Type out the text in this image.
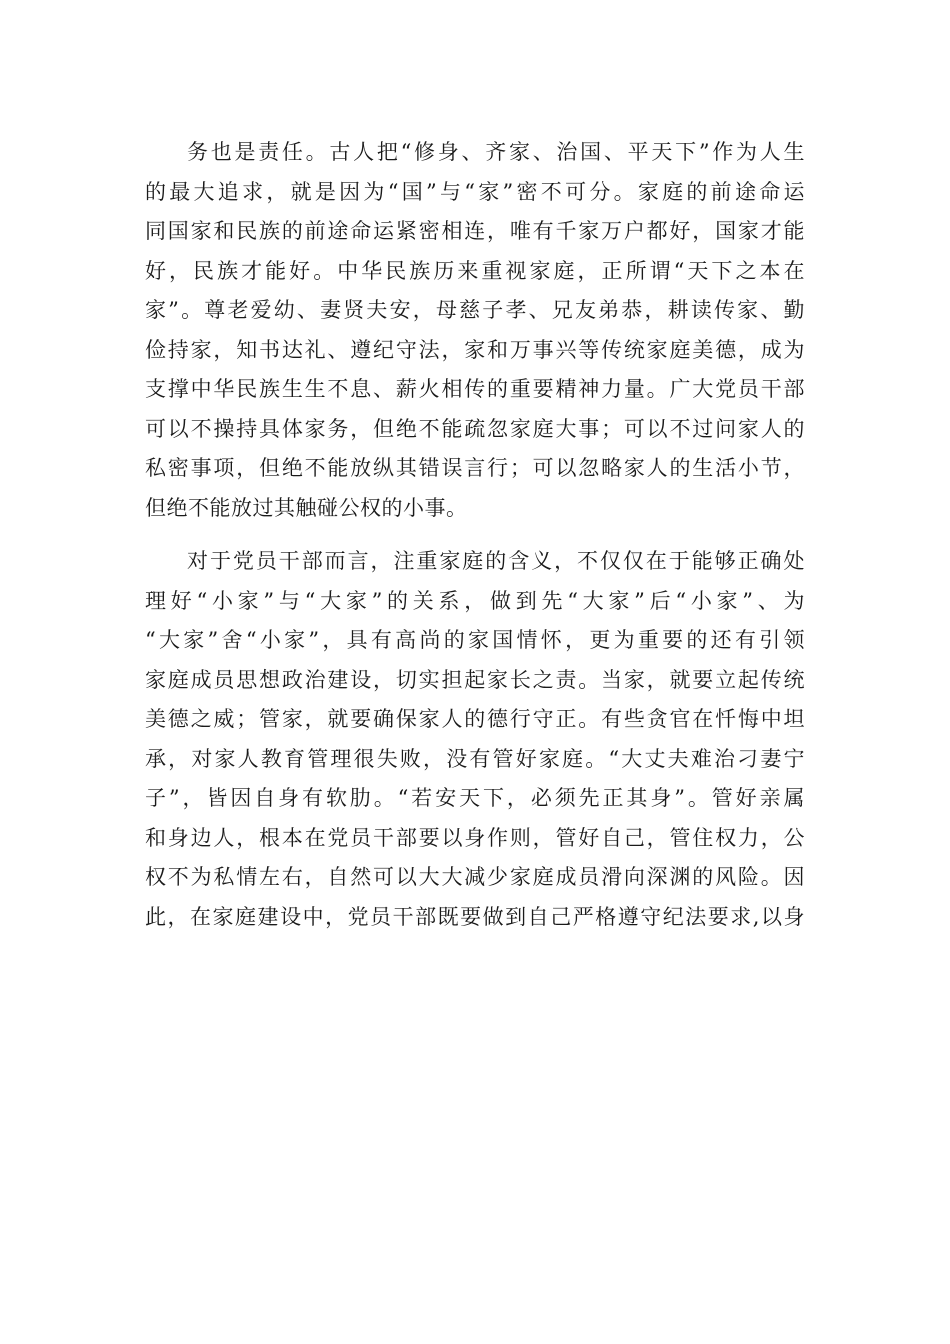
务也是责任。古人把“修身、齐家、治国、平天下”作为人生
的最大追求，就是因为“国”与“家”密不可分。家庭的前途命运
同国家和民族的前途命运紧密相连，唯有千家万户都好，国家才能
好，民族才能好。中华民族历来重视家庭，正所谓“天下之本在
家”。尊老爱幼、妻贤夫安，母慈子孝、兄友弟恭，耕读传家、勤
俭持家，知书达礼、遵纪守法，家和万事兴等传统家庭美德，成为
支撑中华民族生生不息、薪火相传的重要精神力量。广大党员干部
可以不操持具体家务，但绝不能疏忽家庭大事；可以不过问家人的
私密事项，但绝不能放纵其错误言行；可以忽略家人的生活小节，
但绝不能放过其触碰公权的小事。

对于党员干部而言，注重家庭的含义，不仅仅在于能够正确处
理好“小家”与“大家”的关系，做到先“大家”后“小家”、为
“大家”舍“小家”，具有高尚的家国情怀，更为重要的还有引领
家庭成员思想政治建设，切实担起家长之责。当家，就要立起传统
美德之威；管家，就要确保家人的德行守正。有些贪官在忏悔中坦
承，对家人教育管理很失败，没有管好家庭。“大丈夫难治刁妻宁
子”，皆因自身有软肋。“若安天下，必须先正其身”。管好亲属
和身边人，根本在党员干部要以身作则，管好自己，管住权力，公
权不为私情左右，自然可以大大减少家庭成员滑向深渊的风险。因
此，在家庭建设中，党员干部既要做到自己严格遵守纪法要求,以身
